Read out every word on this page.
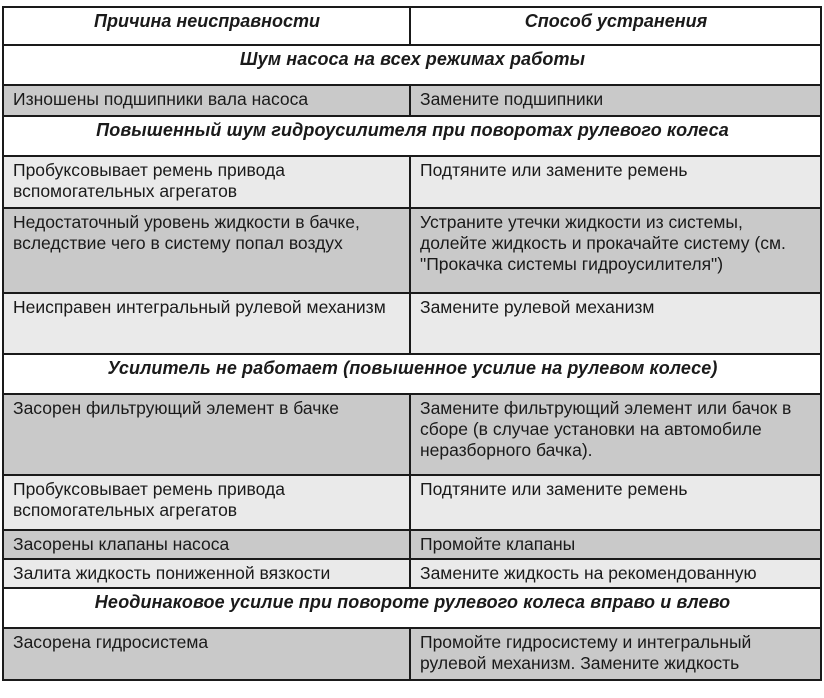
Причина неисправности	Способ устранения
Шум насоса на всех режимах работы	
Изношены подшипники вала насоса	Замените подшипники
Повышенный шум гидроусилителя при поворотах рулевого колеса	
Пробуксовывает ремень привода вспомогательных агрегатов	Подтяните или замените ремень
Недостаточный уровень жидкости в бачке, вследствие чего в систему попал воздух	Устраните утечки жидкости из системы, долейте жидкость и прокачайте систему (см. "Прокачка системы гидроусилителя")
Неисправен интегральный рулевой механизм	Замените рулевой механизм
Усилитель не работает (повышенное усилие на рулевом колесе)	
Засорен фильтрующий элемент в бачке	Замените фильтрующий элемент или бачок в сборе (в случае установки на автомобиле неразборного бачка).
Пробуксовывает ремень привода вспомогательных агрегатов	Подтяните или замените ремень
Засорены клапаны насоса	Промойте клапаны
Залита жидкость пониженной вязкости	Замените жидкость на рекомендованную
Неодинаковое усилие при повороте рулевого колеса вправо и влево	
Засорена гидросистема	Промойте гидросистему и интегральный рулевой механизм. Замените жидкость
